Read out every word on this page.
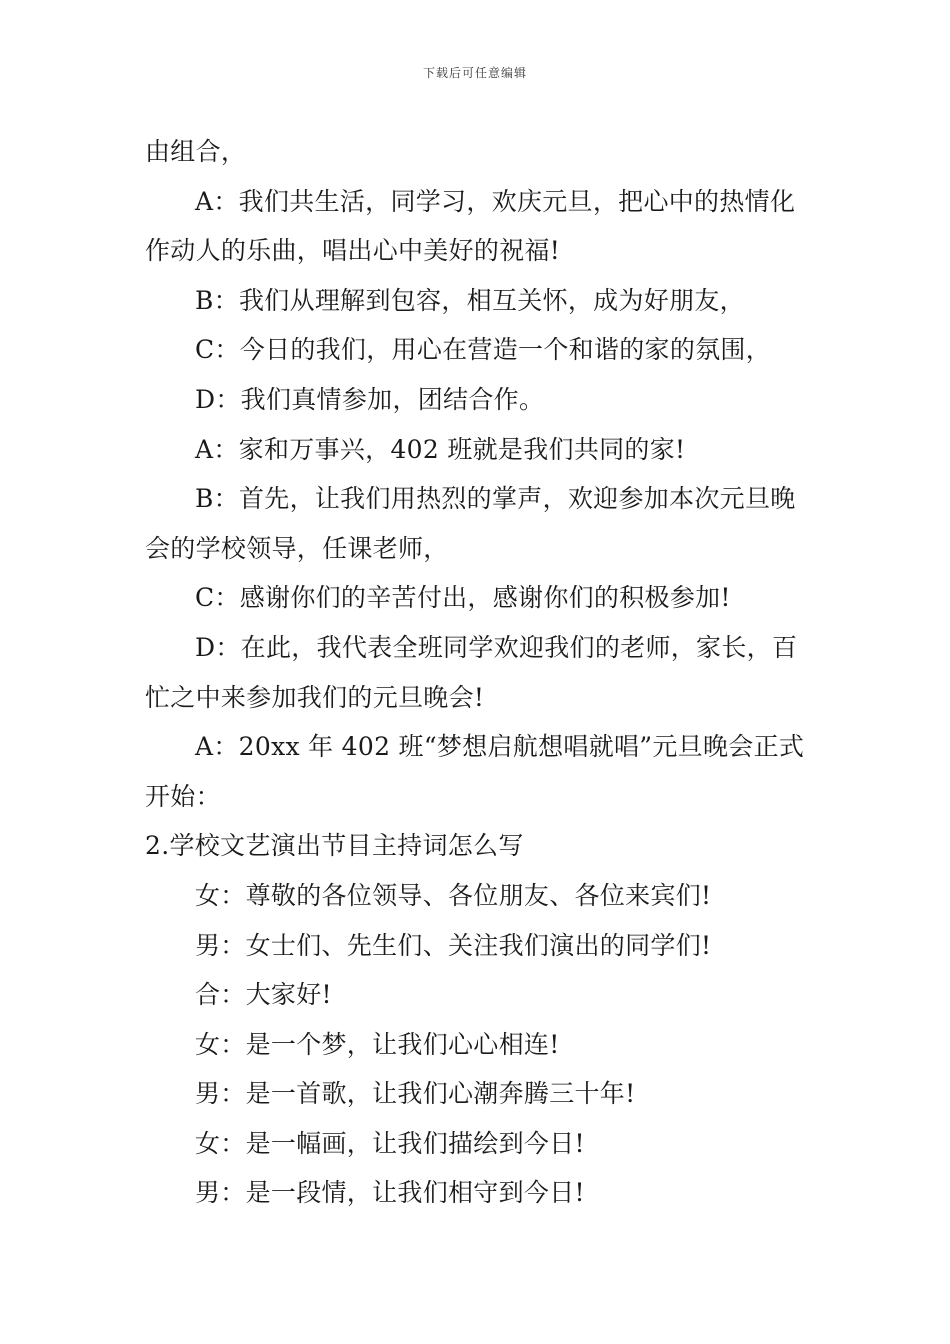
下载后可任意编辑
由组合，
A：我们共生活，同学习，欢庆元旦，把心中的热情化
作动人的乐曲，唱出心中美好的祝福!
B：我们从理解到包容，相互关怀，成为好朋友，
C：今日的我们，用心在营造一个和谐的家的氛围，
D：我们真情参加，团结合作。
A：家和万事兴，402 班就是我们共同的家!
B：首先，让我们用热烈的掌声，欢迎参加本次元旦晚
会的学校领导，任课老师，
C：感谢你们的辛苦付出，感谢你们的积极参加!
D：在此，我代表全班同学欢迎我们的老师，家长，百
忙之中来参加我们的元旦晚会!
A：20xx 年 402 班“梦想启航想唱就唱”元旦晚会正式
开始：
2.学校文艺演出节目主持词怎么写
女：尊敬的各位领导、各位朋友、各位来宾们!
男：女士们、先生们、关注我们演出的同学们!
合：大家好!
女：是一个梦，让我们心心相连!
男：是一首歌，让我们心潮奔腾三十年!
女：是一幅画，让我们描绘到今日!
男：是一段情，让我们相守到今日!
